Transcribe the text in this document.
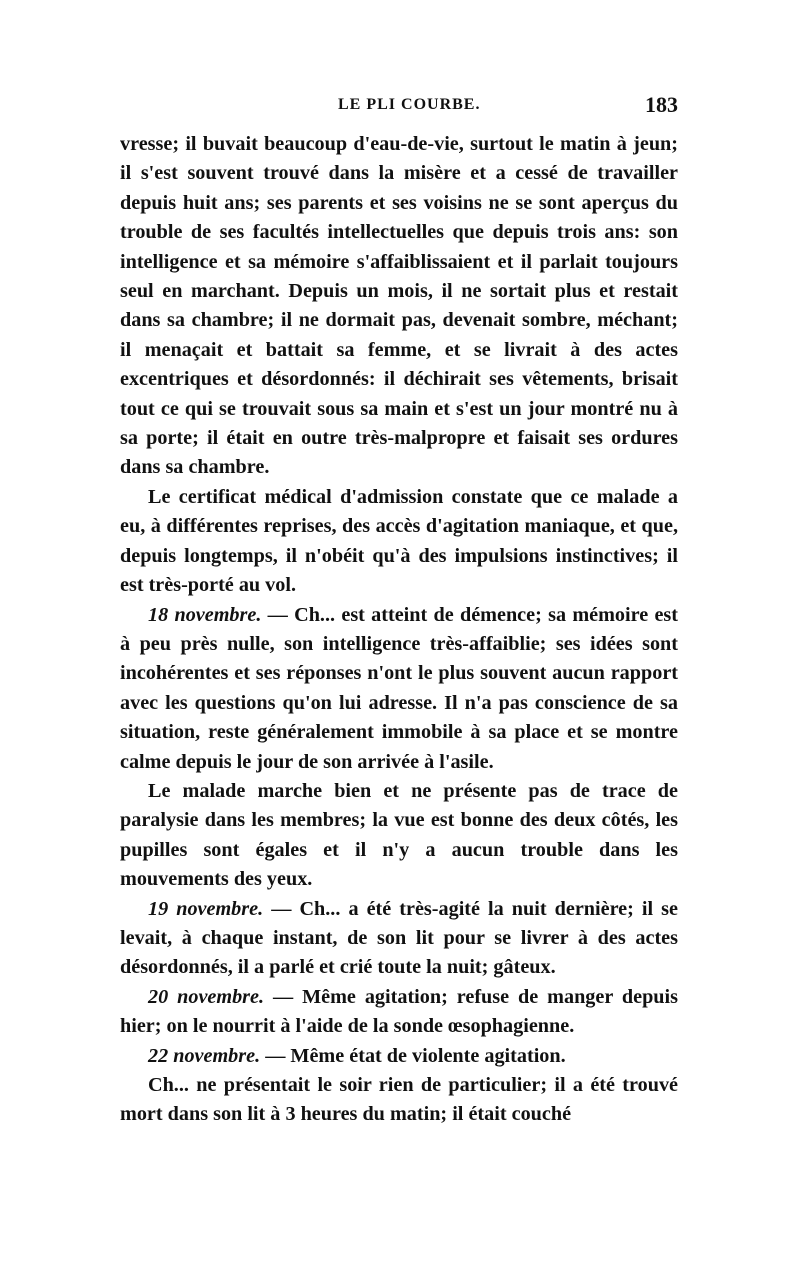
LE PLI COURBE.	183

vresse; il buvait beaucoup d'eau-de-vie, surtout le matin à jeun; il s'est souvent trouvé dans la misère et a cessé de travailler depuis huit ans; ses parents et ses voisins ne se sont aperçus du trouble de ses facultés intellectuelles que depuis trois ans: son intelligence et sa mémoire s'affaiblissaient et il parlait toujours seul en marchant. Depuis un mois, il ne sortait plus et restait dans sa chambre; il ne dormait pas, devenait sombre, méchant; il menaçait et battait sa femme, et se livrait à des actes excentriques et désordonnés: il déchirait ses vêtements, brisait tout ce qui se trouvait sous sa main et s'est un jour montré nu à sa porte; il était en outre très-malpropre et faisait ses ordures dans sa chambre.

Le certificat médical d'admission constate que ce malade a eu, à différentes reprises, des accès d'agitation maniaque, et que, depuis longtemps, il n'obéit qu'à des impulsions instinctives; il est très-porté au vol.

18 novembre. — Ch... est atteint de démence; sa mémoire est à peu près nulle, son intelligence très-affaiblie; ses idées sont incohérentes et ses réponses n'ont le plus souvent aucun rapport avec les questions qu'on lui adresse. Il n'a pas conscience de sa situation, reste généralement immobile à sa place et se montre calme depuis le jour de son arrivée à l'asile.

Le malade marche bien et ne présente pas de trace de paralysie dans les membres; la vue est bonne des deux côtés, les pupilles sont égales et il n'y a aucun trouble dans les mouvements des yeux.

19 novembre. — Ch... a été très-agité la nuit dernière; il se levait, à chaque instant, de son lit pour se livrer à des actes désordonnés, il a parlé et crié toute la nuit; gâteux.

20 novembre. — Même agitation; refuse de manger depuis hier; on le nourrit à l'aide de la sonde œsophagienne.

22 novembre. — Même état de violente agitation.

Ch... ne présentait le soir rien de particulier; il a été trouvé mort dans son lit à 3 heures du matin; il était couché
